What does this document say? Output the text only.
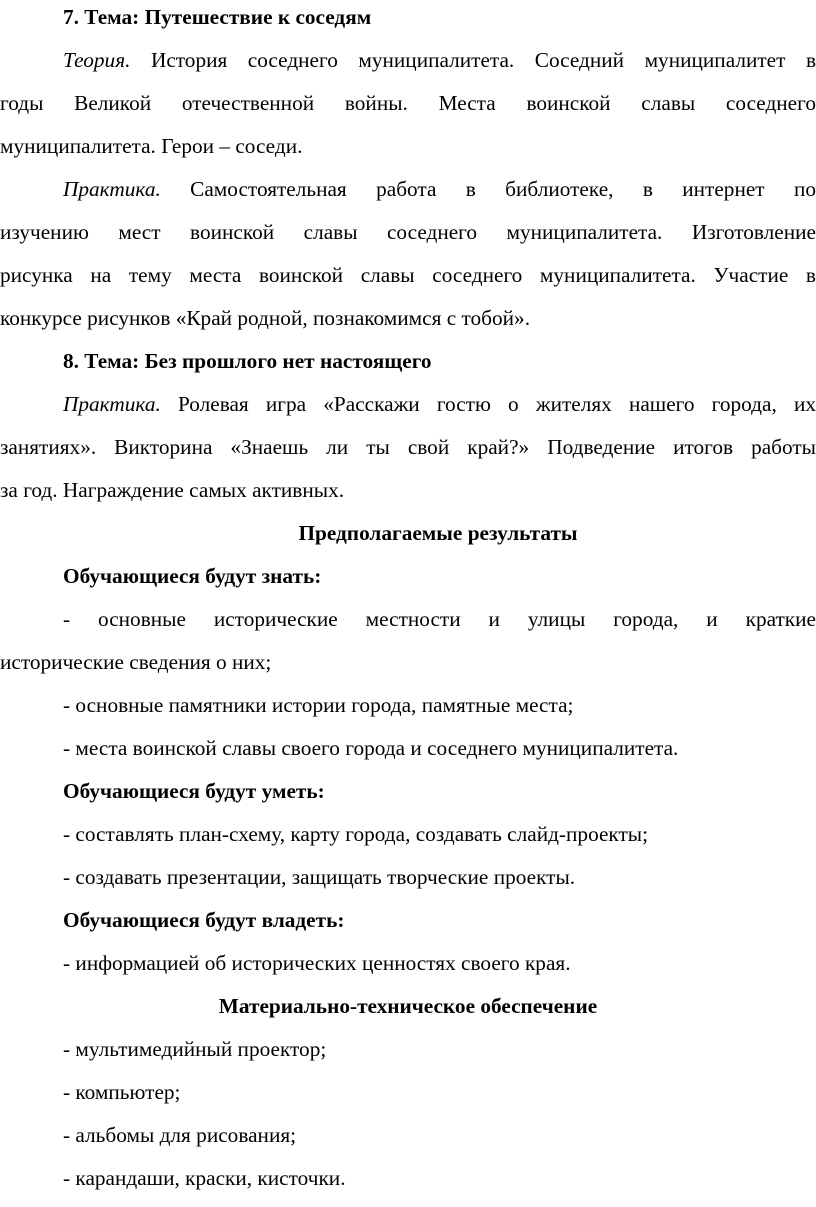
7. Тема: Путешествие к соседям

Теория. История соседнего муниципалитета. Соседний муниципалитет в

годы Великой отечественной войны. Места воинской славы соседнего

муниципалитета. Герои – соседи.

Практика. Самостоятельная работа в библиотеке, в интернет по

изучению мест воинской славы соседнего муниципалитета. Изготовление

рисунка на тему места воинской славы соседнего муниципалитета. Участие в

конкурсе рисунков «Край родной, познакомимся с тобой».

8. Тема: Без прошлого нет настоящего

Практика. Ролевая игра «Расскажи гостю о жителях нашего города, их

занятиях». Викторина «Знаешь ли ты свой край?» Подведение итогов работы

за год. Награждение самых активных.

Предполагаемые результаты

Обучающиеся будут знать:

- основные исторические местности и улицы города, и краткие

исторические сведения о них;

- основные памятники истории города, памятные места;

- места воинской славы своего города и соседнего муниципалитета.

Обучающиеся будут уметь:

- составлять план-схему, карту города, создавать слайд-проекты;

- создавать презентации, защищать творческие проекты.

Обучающиеся будут владеть:

- информацией об исторических ценностях своего края.

Материально-техническое обеспечение

- мультимедийный проектор;

- компьютер;

- альбомы для рисования;

- карандаши, краски, кисточки.
